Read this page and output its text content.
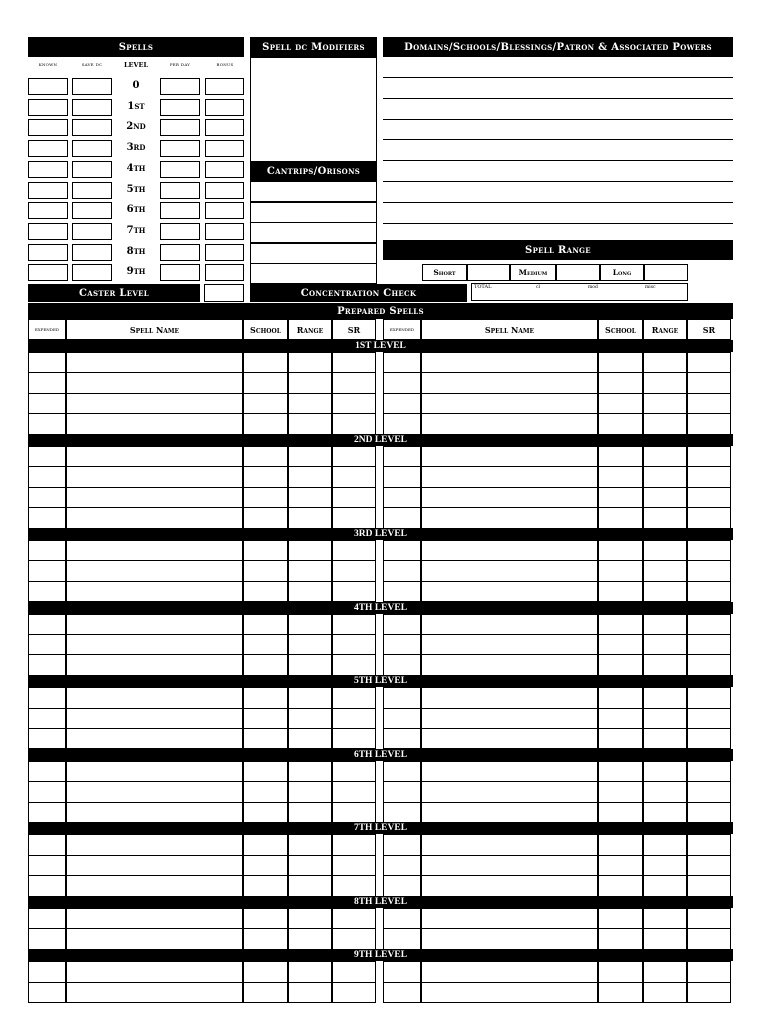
Spells
known	save dc	LEVEL	per day	bonus
0
1st
2nd
3rd
4th
5th
6th
7th
8th
9th
Caster Level
Spell dc Modifiers
Cantrips/Orisons
Concentration Check
TOTAL	cl	mod	misc
Domains/Schools/Blessings/Patron & Associated Powers
Spell Range
Short	Medium	Long
Prepared Spells
expended	Spell Name	School	Range	SR	expended	Spell Name	School	Range	SR
1ST LEVEL
2ND LEVEL
3RD LEVEL
4TH LEVEL
5TH LEVEL
6TH LEVEL
7TH LEVEL
8TH LEVEL
9TH LEVEL
